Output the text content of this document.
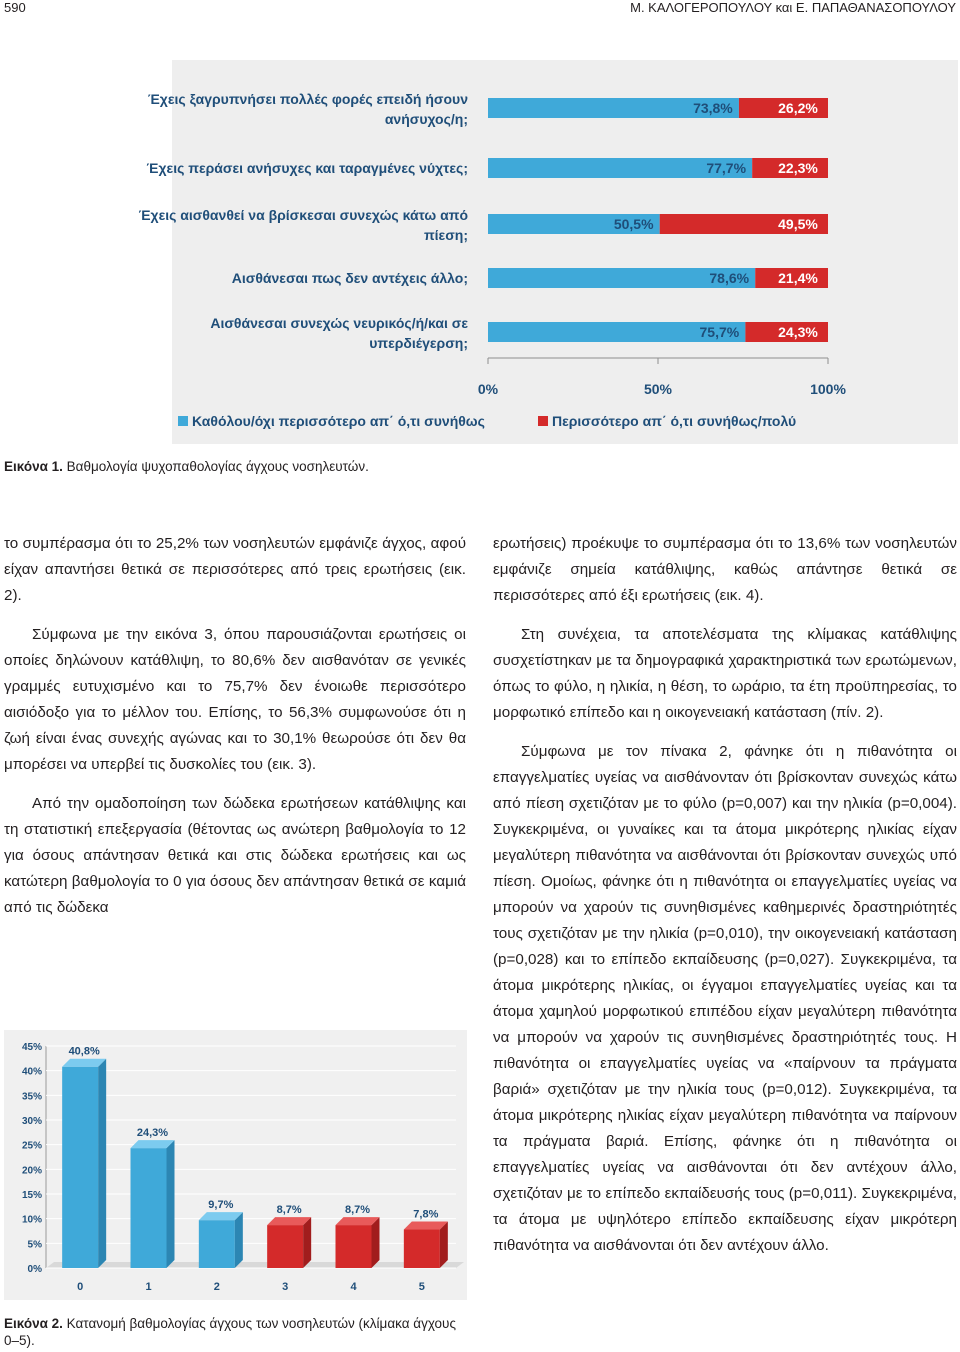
590	Μ. ΚΑΛΟΓΕΡΟΠΟΥΛΟΥ και Ε. ΠΑΠΑΘΑΝΑΣΟΠΟΥΛΟΥ
Έχεις ξαγρυπνήσει πολλές φορές επειδή ήσουν
ανήσυχος/η;
73,8%	26,2%
Έχεις περάσει ανήσυχες και ταραγμένες νύχτες;	77,7% 22,3%
Έχεις αισθανθεί να βρίσκεσαι συνεχώς κάτω από
πίεση;
50,5%	49,5%
Αισθάνεσαι πως δεν αντέχεις άλλο;	78,6% 21,4%
Αισθάνεσαι συνεχώς νευρικός/ή/και σε
υπερδιέγερση;
75,7%	24,3%
0%	50%	100%
Καθόλου/όχι περισσότερο απ΄ ό,τι συνήθως	Περισσότερο απ΄ ό,τι συνήθως/πολύ
Εικόνα 1. Βαθμολογία ψυχοπαθολογίας άγχους νοσηλευτών.

το συμπέρασμα ότι το 25,2% των νοσηλευτών εμφάνιζε άγχος, αφού είχαν απαντήσει θετικά σε περισσότερες από τρεις ερωτήσεις (εικ. 2).

Σύμφωνα με την εικόνα 3, όπου παρουσιάζονται ερωτήσεις οι οποίες δηλώνουν κατάθλιψη, το 80,6% δεν αισθανόταν σε γενικές γραμμές ευτυχισμένο και το 75,7% δεν ένοιωθε περισσότερο αισιόδοξο για το μέλλον του. Επίσης, το 56,3% συμφωνούσε ότι η ζωή είναι ένας συνεχής αγώνας και το 30,1% θεωρούσε ότι δεν θα μπορέσει να υπερβεί τις δυσκολίες του (εικ. 3).

Από την ομαδοποίηση των δώδεκα ερωτήσεων κατάθλιψης και τη στατιστική επεξεργασία (θέτοντας ως ανώτερη βαθμολογία το 12 για όσους απάντησαν θετικά και στις δώδεκα ερωτήσεις και ως κατώτερη βαθμολογία το 0 για όσους δεν απάντησαν θετικά σε καμιά από τις δώδεκα

ερωτήσεις) προέκυψε το συμπέρασμα ότι το 13,6% των νοσηλευτών εμφάνιζε σημεία κατάθλιψης, καθώς απάντησε θετικά σε περισσότερες από έξι ερωτήσεις (εικ. 4).

Στη συνέχεια, τα αποτελέσματα της κλίμακας κατάθλιψης συσχετίστηκαν με τα δημογραφικά χαρακτηριστικά των ερωτώμενων, όπως το φύλο, η ηλικία, η θέση, το ωράριο, τα έτη προϋπηρεσίας, το μορφωτικό επίπεδο και η οικογενειακή κατάσταση (πίν. 2).

Σύμφωνα με τον πίνακα 2, φάνηκε ότι η πιθανότητα οι επαγγελματίες υγείας να αισθάνονταν ότι βρίσκονταν συνεχώς κάτω από πίεση σχετιζόταν με το φύλο (p=0,007) και την ηλικία (p=0,004). Συγκεκριμένα, οι γυναίκες και τα άτομα μικρότερης ηλικίας είχαν μεγαλύτερη πιθανότητα να αισθάνονται ότι βρίσκονταν συνεχώς υπό πίεση. Ομοίως, φάνηκε ότι η πιθανότητα οι επαγγελματίες υγείας να μπορούν να χαρούν τις συνηθισμένες καθημερινές δραστηριότητές τους σχετιζόταν με την ηλικία (p=0,010), την οικογενειακή κατάσταση (p=0,028) και το επίπεδο εκπαίδευσης (p=0,027). Συγκεκριμένα, τα άτομα μικρότερης ηλικίας, οι έγγαμοι επαγγελματίες υγείας και τα άτομα χαμηλού μορφωτικού επιπέδου είχαν μεγαλύτερη πιθανότητα να μπορούν να χαρούν τις συνηθισμένες δραστηριότητές τους. Η πιθανότητα οι επαγγελματίες υγείας να «παίρνουν τα πράγματα βαριά» σχετιζόταν με την ηλικία τους (p=0,012). Συγκεκριμένα, τα άτομα μικρότερης ηλικίας είχαν μεγαλύτερη πιθανότητα να παίρνουν τα πράγματα βαριά. Επίσης, φάνηκε ότι η πιθανότητα οι επαγγελματίες υγείας να αισθάνονται ότι δεν αντέχουν άλλο, σχετιζόταν με το επίπεδο εκπαίδευσής τους (p=0,011). Συγκεκριμένα, τα άτομα με υψηλότερο επίπεδο εκπαίδευσης είχαν μικρότερη πιθανότητα να αισθάνονται ότι δεν αντέχουν άλλο.

0%
5%
10%
15%
20%
25%
30%
35%
40%
45% 40,8%
0
24,3%
1
9,7%
2
8,7%
3
8,7%
4
7,8%
5
Εικόνα 2. Κατανομή βαθμολογίας άγχους των νοσηλευτών (κλίμακα άγχους 0–5).
